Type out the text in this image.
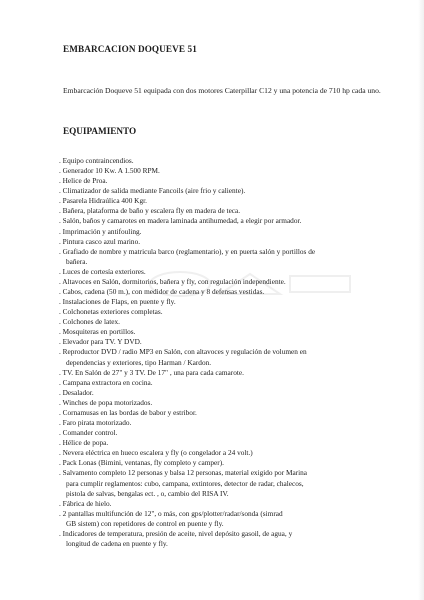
EMBARCACION DOQUEVE 51
Embarcación Doqueve 51 equipada con dos motores Caterpillar C12 y una potencia de 710 hp cada uno.
EQUIPAMIENTO
. Equipo contraincendios.
. Generador 10 Kw. A 1.500 RPM.
. Helice de Proa.
. Climatizador de salida mediante Fancoils (aire frio y caliente).
. Pasarela Hidraúlica 400 Kgr.
. Bañera, plataforma de baño y escalera fly en madera de teca.
. Salón, baños y camarotes en madera laminada antihumedad, a elegir por armador.
. Imprimación y antifouling.
. Pintura casco azul marino.
. Grafiado de nombre y matricula barco (reglamentario), y en puerta salón y portillos de
bañera.
. Luces de cortesía exteriores.
. Altavoces en Salón, dormitorios, bañera y fly, con regulación independiente.
. Cabos, cadena (50 m.), con medidor de cadena y 8 defensas vestidas.
. Instalaciones de Flaps, en puente y fly.
. Colchonetas exteriores completas.
. Colchones de latex.
. Mosquiteras en portillos.
. Elevador para TV. Y DVD.
. Reproductor DVD / radio MP3 en Salón, con altavoces y regulación de volumen en
dependencias y exteriores, tipo Harman / Kardon.
. TV. En Salón de 27" y 3 TV. De 17" , una para cada camarote.
. Campana extractora en cocina.
. Desalador.
. Winches de popa motorizados.
. Cornamusas en las bordas de babor y estribor.
. Faro pirata motorizado.
. Comander control.
. Hélice de popa.
. Nevera eléctrica en hueco escalera y fly (o congelador a 24 volt.)
. Pack Lonas (Bimini, ventanas, fly completo y camper).
. Salvamento completo 12 personas y balsa 12 personas, material exigido por Marina
para cumplir reglamentos: cubo, campana, extintores, detector de radar, chalecos,
pistola de salvas, bengalas ect. , o, cambio del RISA IV.
. Fábrica de hielo.
. 2 pantallas multifunción de 12", o más, con gps/plotter/radar/sonda (simrad
GB sistem) con repetidores de control en puente y fly.
. Indicadores de temperatura, presión de aceite, nivel depósito gasoil, de agua, y
longitud de cadena en puente y fly.
